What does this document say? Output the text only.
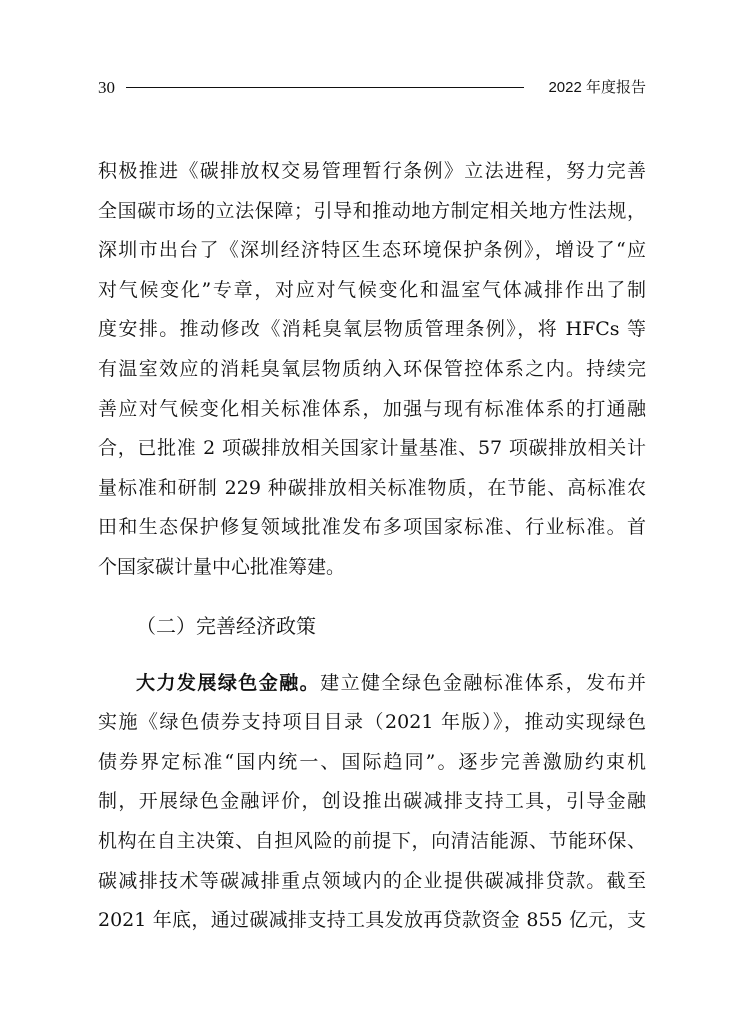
30	2022 年度报告
积极推进《碳排放权交易管理暂行条例》立法进程，努力完善
全国碳市场的立法保障；引导和推动地方制定相关地方性法规，
深圳市出台了《深圳经济特区生态环境保护条例》，增设了“应
对气候变化”专章，对应对气候变化和温室气体减排作出了制
度安排。推动修改《消耗臭氧层物质管理条例》，将 HFCs 等
有温室效应的消耗臭氧层物质纳入环保管控体系之内。持续完
善应对气候变化相关标准体系，加强与现有标准体系的打通融
合，已批准 2 项碳排放相关国家计量基准、57 项碳排放相关计
量标准和研制 229 种碳排放相关标准物质，在节能、高标准农
田和生态保护修复领域批准发布多项国家标准、行业标准。首
个国家碳计量中心批准筹建。
（二）完善经济政策
大力发展绿色金融。建立健全绿色金融标准体系，发布并
实施《绿色债券支持项目目录（2021 年版）》，推动实现绿色
债券界定标准“国内统一、国际趋同”。逐步完善激励约束机
制，开展绿色金融评价，创设推出碳减排支持工具，引导金融
机构在自主决策、自担风险的前提下，向清洁能源、节能环保、
碳减排技术等碳减排重点领域内的企业提供碳减排贷款。截至
2021 年底，通过碳减排支持工具发放再贷款资金 855 亿元，支
